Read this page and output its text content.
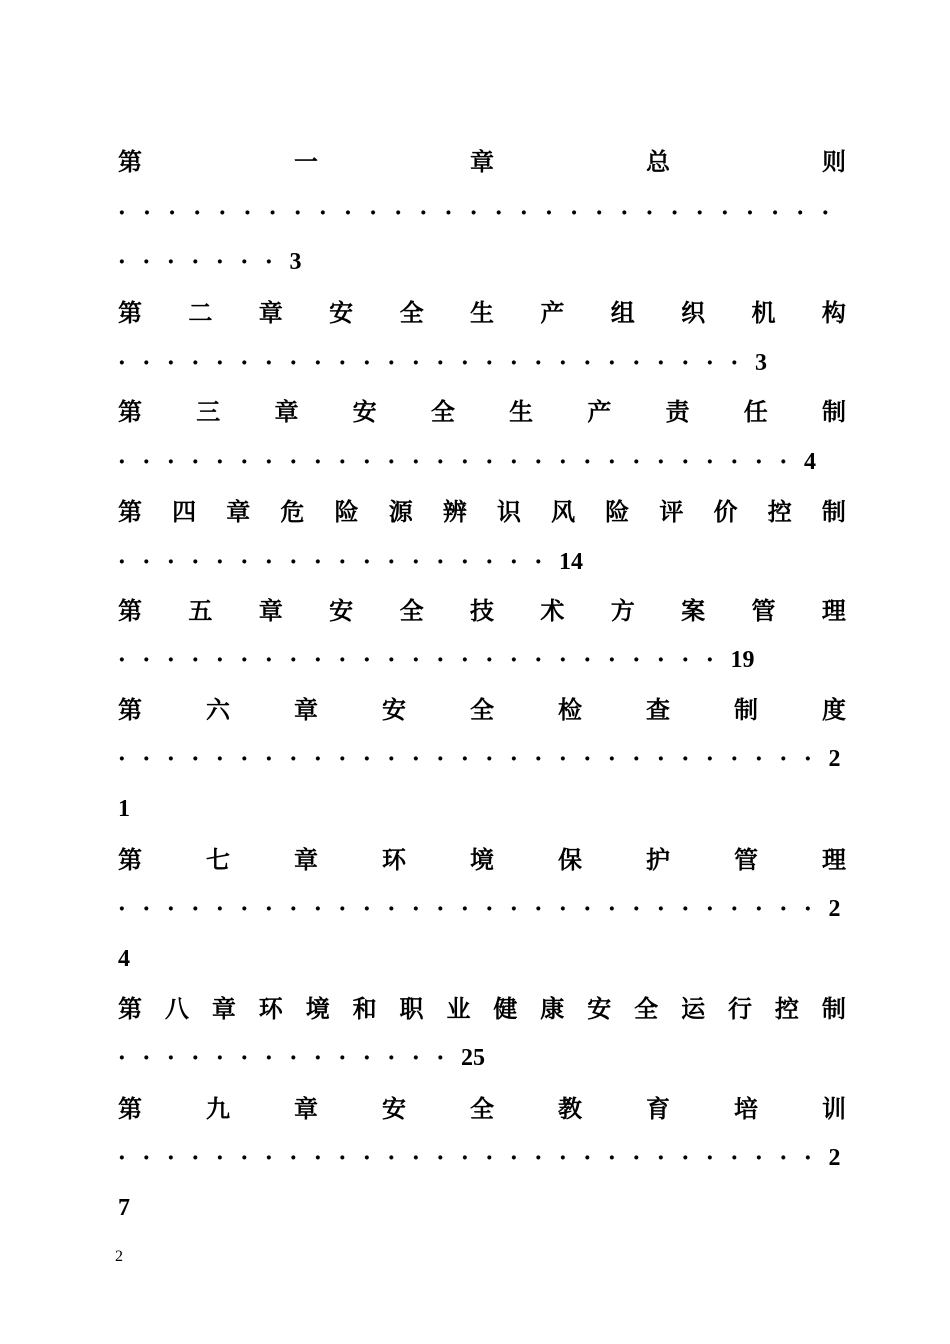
第	一	章	总	则
· · · · · · · · · · · · · · · · · · · · · · · · · · · · ·
· · · · · · · 3
第 二 章 安 全 生 产 组 织 机 构
· · · · · · · · · · · · · · · · · · · · · · · · · · 3
第 三 章 安 全 生 产 责 任 制
· · · · · · · · · · · · · · · · · · · · · · · · · · · · 4
第 四 章 危 险 源 辨 识 风 险 评 价 控 制
· · · · · · · · · · · · · · · · · · 14
第 五 章 安 全 技 术 方 案 管 理
· · · · · · · · · · · · · · · · · · · · · · · · · 19
第	六	章	安	全	检	查	制	度
· · · · · · · · · · · · · · · · · · · · · · · · · · · · · 2
1
第	七	章	环	境	保	护	管	理
· · · · · · · · · · · · · · · · · · · · · · · · · · · · · 2
4
第 八 章 环 境 和 职 业 健 康 安 全 运 行 控 制
· · · · · · · · · · · · · · 25
第	九	章	安	全	教	育	培	训
· · · · · · · · · · · · · · · · · · · · · · · · · · · · · 2
7
2
